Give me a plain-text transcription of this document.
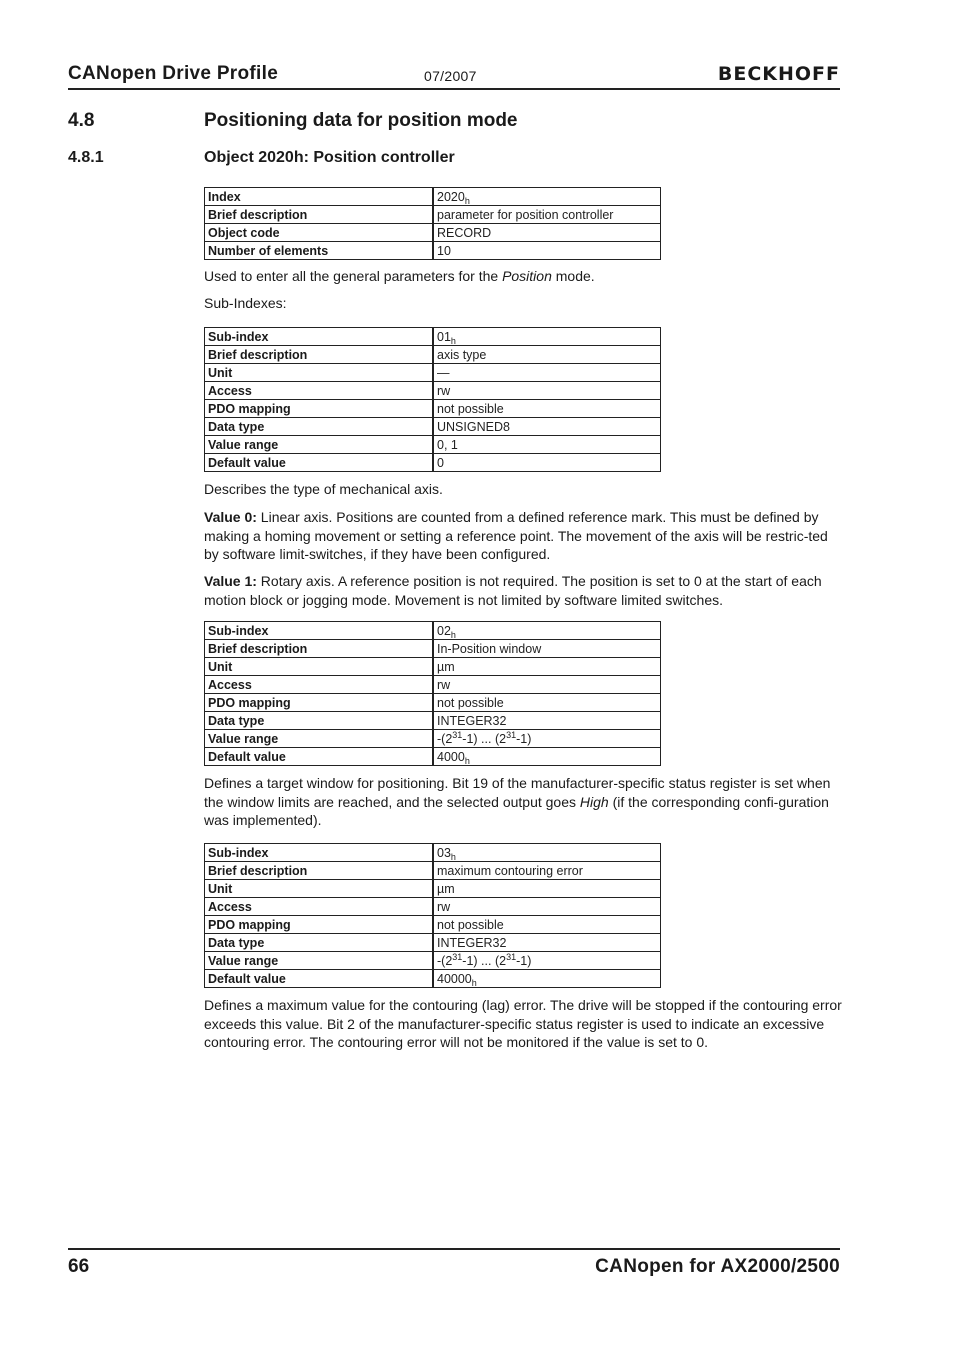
CANopen Drive Profile	07/2007	BECKHOFF
4.8	Positioning data for position mode
4.8.1	Object 2020h: Position controller
Index	$2020_h$
Brief description	parameter for position controller
Object code	RECORD
Number of elements	10
Used to enter all the general parameters for the Position mode.
Sub-Indexes:
Sub-index	$01_h$
Brief description	axis type
Unit	—
Access	rw
PDO mapping	not possible
Data type	UNSIGNED8
Value range	0, 1
Default value	0
Describes the type of mechanical axis.
Value 0: Linear axis. Positions are counted from a defined reference mark. This must be defined by making a homing movement or setting a reference point. The movement of the axis will be restric-ted by software limit-switches, if they have been configured.
Value 1: Rotary axis. A reference position is not required. The position is set to 0 at the start of each motion block or jogging mode. Movement is not limited by software limited switches.
Sub-index	$02_h$
Brief description	In-Position window
Unit	µm
Access	rw
PDO mapping	not possible
Data type	INTEGER32
Value range	$-(2^{31}-1)$ ... $(2^{31}-1)$
Default value	$4000_h$
Defines a target window for positioning. Bit 19 of the manufacturer-specific status register is set when the window limits are reached, and the selected output goes High (if the corresponding confi-guration was implemented).
Sub-index	$03_h$
Brief description	maximum contouring error
Unit	µm
Access	rw
PDO mapping	not possible
Data type	INTEGER32
Value range	$-(2^{31}-1)$ ... $(2^{31}-1)$
Default value	$40000_h$
Defines a maximum value for the contouring (lag) error. The drive will be stopped if the contouring error exceeds this value. Bit 2 of the manufacturer-specific status register is used to indicate an excessive contouring error. The contouring error will not be monitored if the value is set to 0.
66	CANopen for AX2000/2500
